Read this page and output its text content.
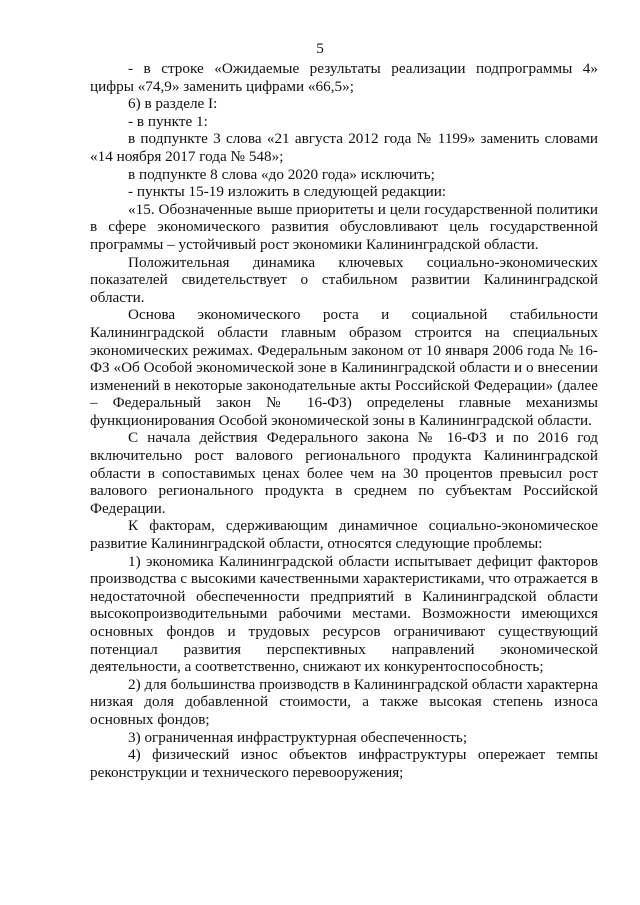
5

- в строке «Ожидаемые результаты реализации подпрограммы 4» цифры «74,9» заменить цифрами «66,5»;

6) в разделе I:

- в пункте 1:

в подпункте 3 слова «21 августа 2012 года № 1199» заменить словами «14 ноября 2017 года № 548»;

в подпункте 8 слова «до 2020 года» исключить;

- пункты 15-19 изложить в следующей редакции:

«15. Обозначенные выше приоритеты и цели государственной политики в сфере экономического развития обусловливают цель государственной программы – устойчивый рост экономики Калининградской области.

Положительная динамика ключевых социально-экономических показателей свидетельствует о стабильном развитии Калининградской области.

Основа экономического роста и социальной стабильности Калининградской области главным образом строится на специальных экономических режимах. Федеральным законом от 10 января 2006 года № 16-ФЗ «Об Особой экономической зоне в Калининградской области и о внесении изменений в некоторые законодательные акты Российской Федерации» (далее – Федеральный закон № 16-ФЗ) определены главные механизмы функционирования Особой экономической зоны в Калининградской области.

С начала действия Федерального закона № 16-ФЗ и по 2016 год включительно рост валового регионального продукта Калининградской области в сопоставимых ценах более чем на 30 процентов превысил рост валового регионального продукта в среднем по субъектам Российской Федерации.

К факторам, сдерживающим динамичное социально-экономическое развитие Калининградской области, относятся следующие проблемы:

1) экономика Калининградской области испытывает дефицит факторов производства с высокими качественными характеристиками, что отражается в недостаточной обеспеченности предприятий в Калининградской области высокопроизводительными рабочими местами. Возможности имеющихся основных фондов и трудовых ресурсов ограничивают существующий потенциал развития перспективных направлений экономической деятельности, а соответственно, снижают их конкурентоспособность;

2) для большинства производств в Калининградской области характерна низкая доля добавленной стоимости, а также высокая степень износа основных фондов;

3) ограниченная инфраструктурная обеспеченность;

4) физический износ объектов инфраструктуры опережает темпы реконструкции и технического перевооружения;
